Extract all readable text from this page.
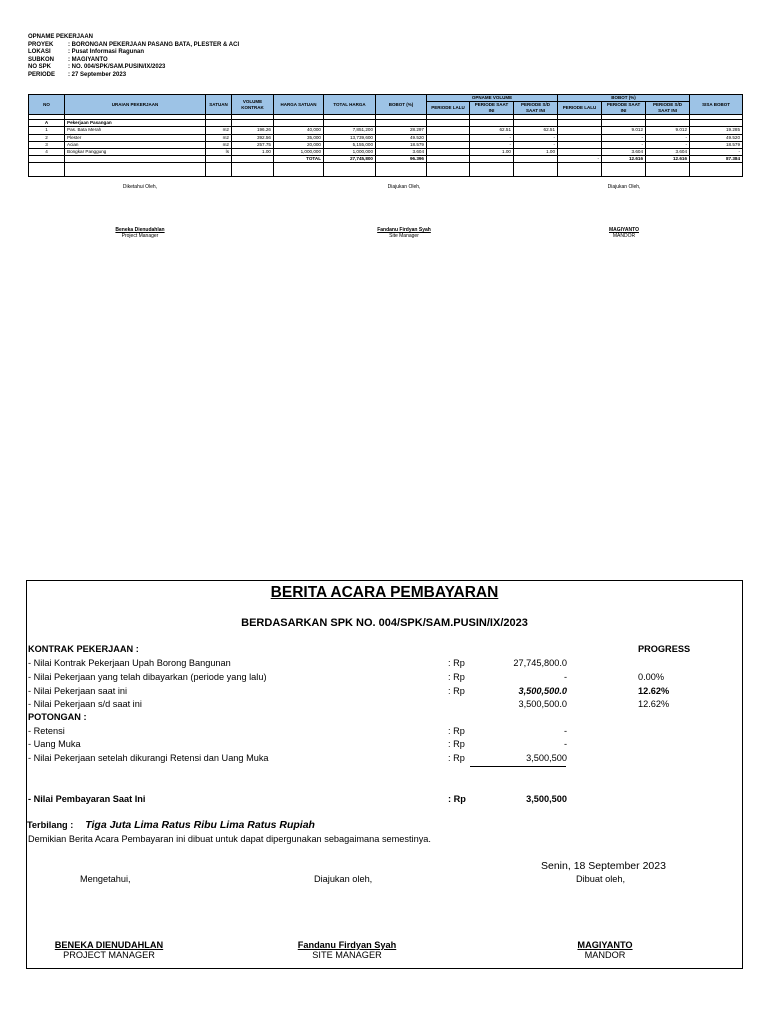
OPNAME PEKERJAAN
PROYEK	: BORONGAN PEKERJAAN PASANG BATA, PLESTER & ACI
LOKASI	: Pusat Informasi Ragunan
SUBKON	: MAGIYANTO
NO SPK	: NO. 004/SPK/SAM.PUSIN/IX/2023
PERIODE	: 27 September 2023
NO	URAIAN PEKERJAAN	SATUAN	VOLUME KONTRAK	HARGA SATUAN	TOTAL HARGA	BOBOT (%)	OPNAME VOLUME			BOBOT (%)			SISA BOBOT
							PERIODE LALU	PERIODE SAAT INI	PERIODE S/D SAAT INI	PERIODE LALU	PERIODE SAAT INI	PERIODE S/D SAAT INI	

A	Pekerjaan Pasangan												
1	Pas. Bata Merah	m2	196.26	40,000	7,851,200	28.297		62.51	62.51		9.012	9.012	19.285
2	Plester	m2	392.56	35,000	13,739,600	49.520		-	-		-	-	49.520
3	Acian	m2	257.75	20,000	5,155,000	18.579		-	-		-	-	18.579
4	Bongkar Panggung	ls	1.00	1,000,000	1,000,000	3.604		1.00	1.00		3.604	3.604	-
				TOTAL	27,745,800	96.396				-	12.616	12.616	87.384

Diketahui Oleh,
Beneka Dienudahlan
Project Manager
Diajukan Oleh,
Fandanu Firdyan Syah
Site Manager
Diajukan Oleh,
MAGIYANTO
MANDOR
BERITA ACARA PEMBAYARAN
BERDASARKAN SPK NO. 004/SPK/SAM.PUSIN/IX/2023
KONTRAK PEKERJAAN :	PROGRESS
- Nilai Kontrak Pekerjaan Upah Borong Bangunan	: Rp	27,745,800.0
- Nilai Pekerjaan yang telah dibayarkan (periode yang lalu)	: Rp	-	0.00%
- Nilai Pekerjaan saat ini	: Rp	3,500,500.0	12.62%
- Nilai Pekerjaan s/d saat ini	3,500,500.0	12.62%
POTONGAN :
- Retensi	: Rp	-
- Uang Muka	: Rp	-
- Nilai Pekerjaan setelah dikurangi Retensi dan Uang Muka	: Rp	3,500,500
- Nilai Pembayaran Saat Ini	: Rp	3,500,500
Terbilang : Tiga Juta Lima Ratus Ribu Lima Ratus Rupiah
Demikian Berita Acara Pembayaran ini dibuat untuk dapat dipergunakan sebagaimana semestinya.
Senin, 18 September 2023
Mengetahui,	Diajukan oleh,	Dibuat oleh,
BENEKA DIENUDAHLAN
PROJECT MANAGER
Fandanu Firdyan Syah
SITE MANAGER
MAGIYANTO
MANDOR
